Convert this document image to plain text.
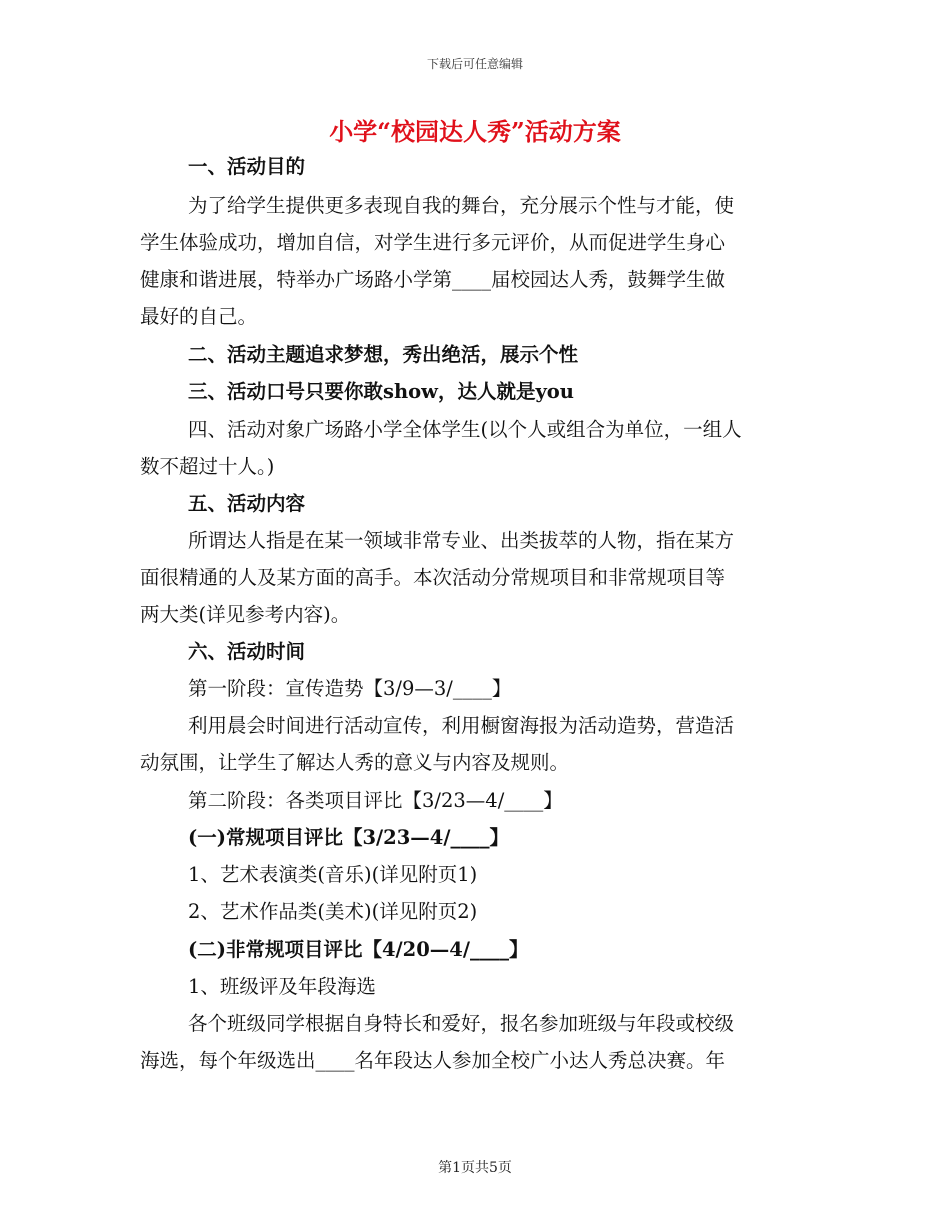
下载后可任意编辑
小学“校园达人秀”活动方案
一、活动目的
为了给学生提供更多表现自我的舞台，充分展示个性与才能，使
学生体验成功，增加自信，对学生进行多元评价，从而促进学生身心
健康和谐进展，特举办广场路小学第____届校园达人秀，鼓舞学生做
最好的自己。
二、活动主题追求梦想，秀出绝活，展示个性
三、活动口号只要你敢show，达人就是you
四、活动对象广场路小学全体学生(以个人或组合为单位，一组人
数不超过十人。)
五、活动内容
所谓达人指是在某一领域非常专业、出类拔萃的人物，指在某方
面很精通的人及某方面的高手。本次活动分常规项目和非常规项目等
两大类(详见参考内容)。
六、活动时间
第一阶段：宣传造势【3/9—3/____】
利用晨会时间进行活动宣传，利用橱窗海报为活动造势，营造活
动氛围，让学生了解达人秀的意义与内容及规则。
第二阶段：各类项目评比【3/23—4/____】
(一)常规项目评比【3/23—4/____】
1、艺术表演类(音乐)(详见附页1)
2、艺术作品类(美术)(详见附页2)
(二)非常规项目评比【4/20—4/____】
1、班级评及年段海选
各个班级同学根据自身特长和爱好，报名参加班级与年段或校级
海选，每个年级选出____名年段达人参加全校广小达人秀总决赛。年
第1页共5页
